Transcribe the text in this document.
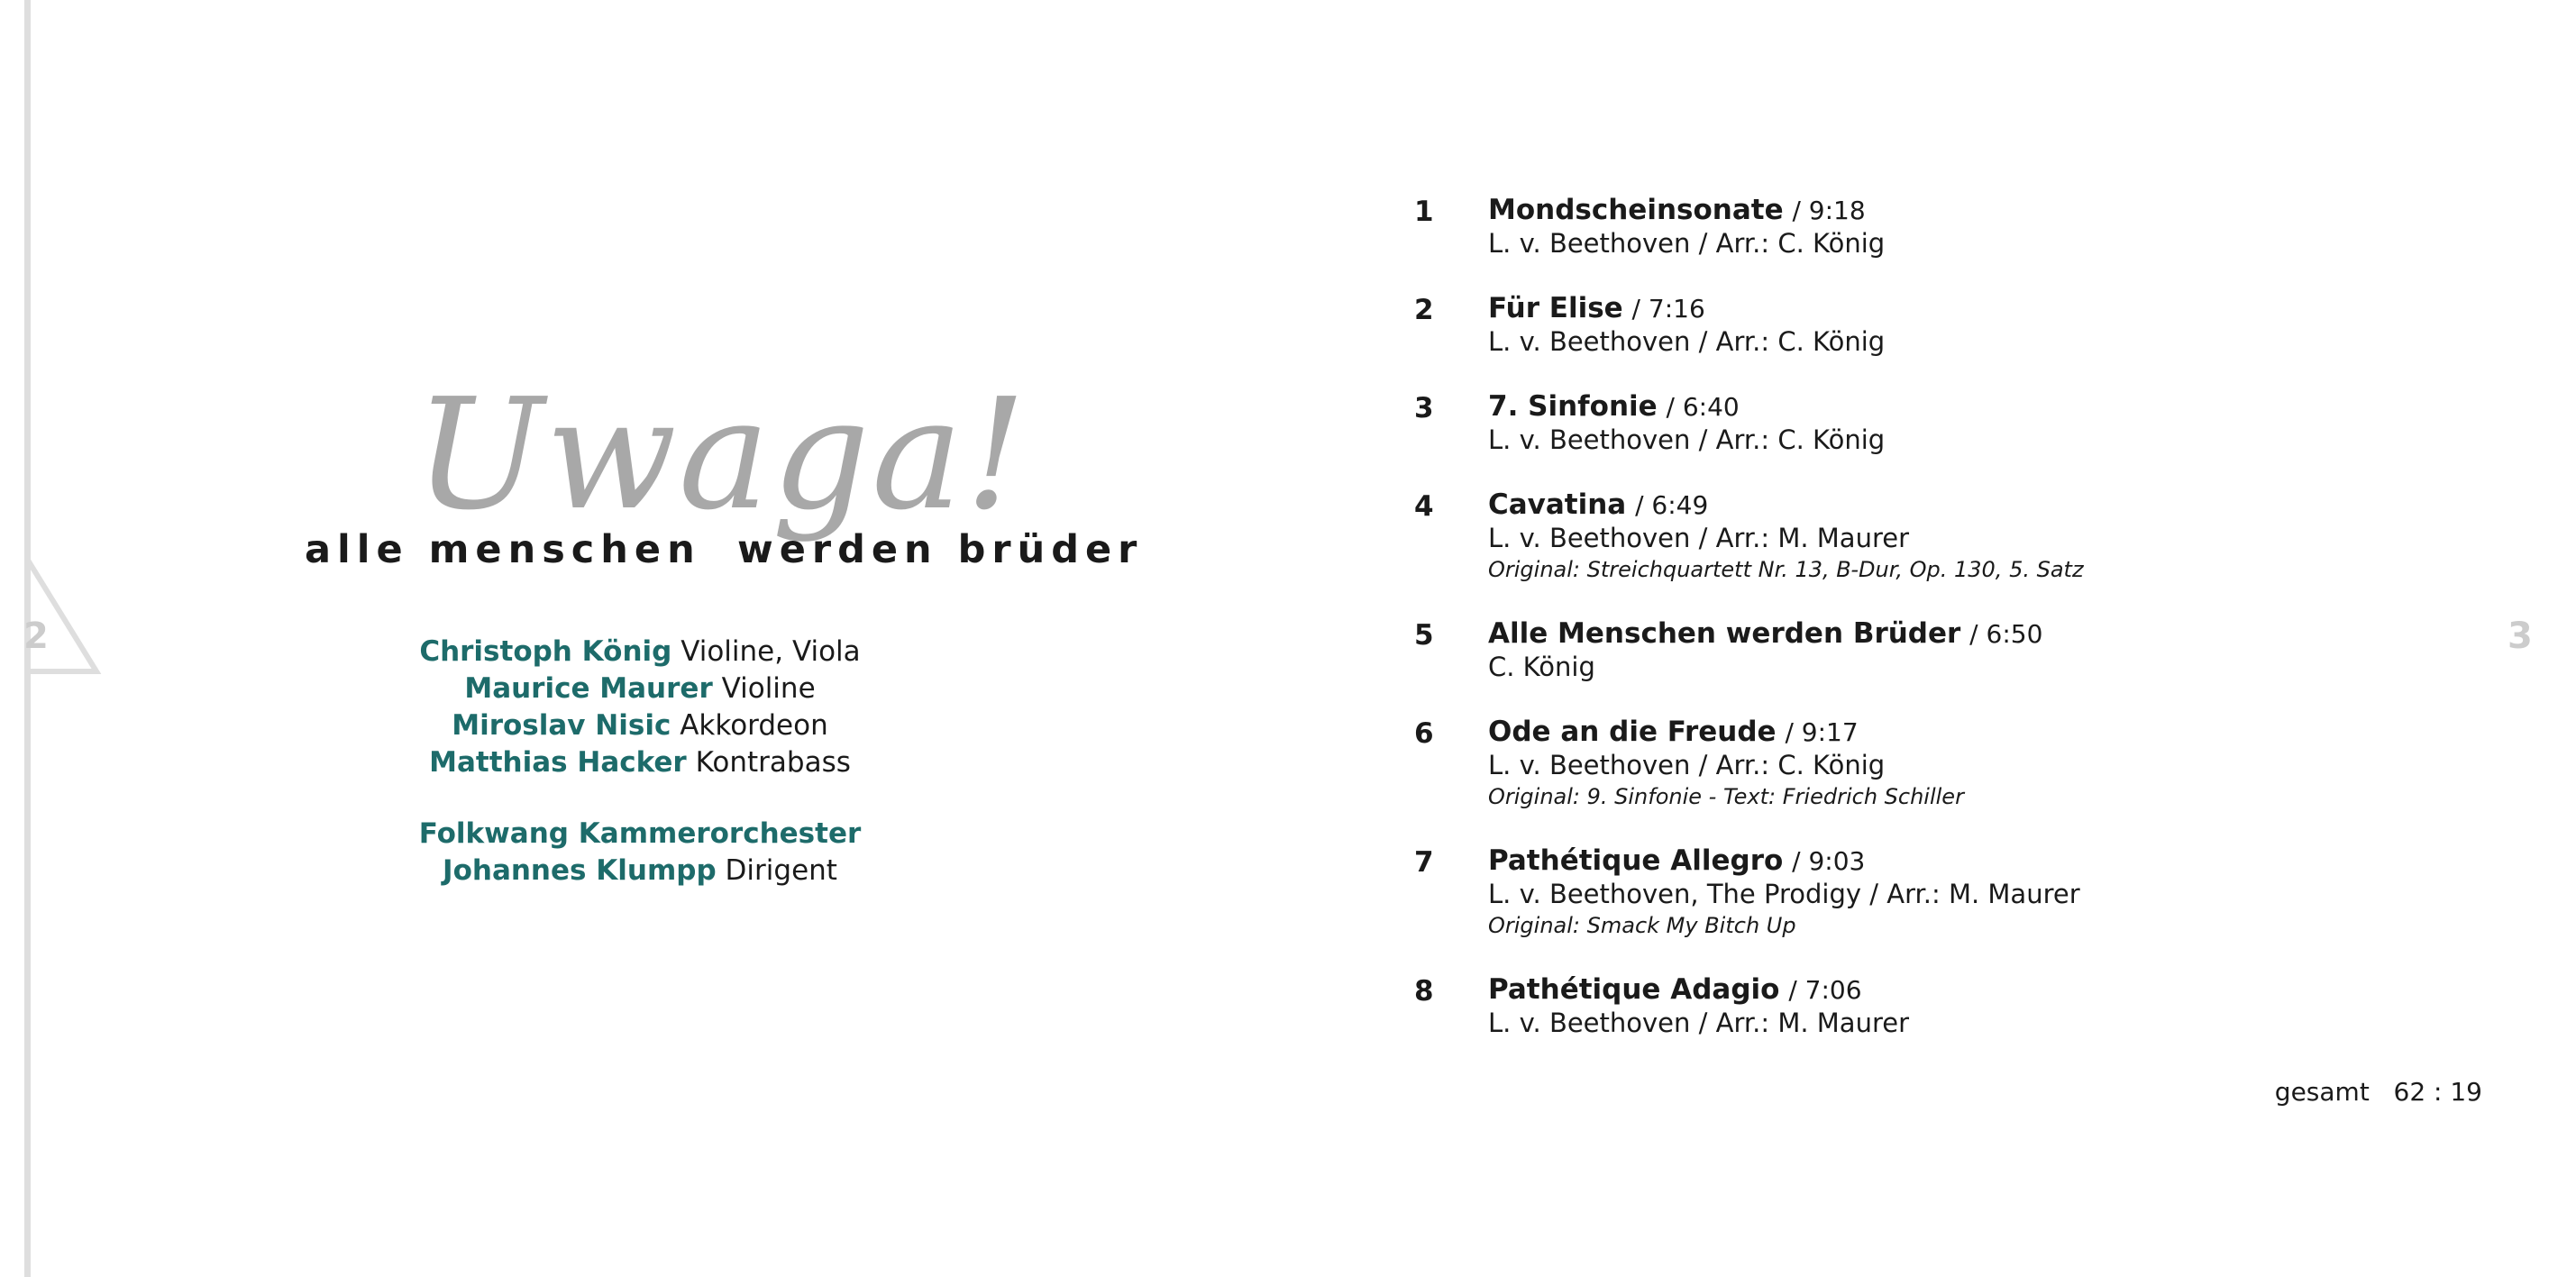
2
Uwaga!
alle menschen werden brüder
Christoph König Violine, Viola
Maurice Maurer Violine
Miroslav Nisic Akkordeon
Matthias Hacker Kontrabass
Folkwang Kammerorchester
Johannes Klumpp Dirigent
3
1 Mondscheinsonate / 9:18
L. v. Beethoven / Arr.: C. König
2 Für Elise / 7:16
L. v. Beethoven / Arr.: C. König
3 7. Sinfonie / 6:40
L. v. Beethoven / Arr.: C. König
4 Cavatina / 6:49
L. v. Beethoven / Arr.: M. Maurer
Original: Streichquartett Nr. 13, B-Dur, Op. 130, 5. Satz
5 Alle Menschen werden Brüder / 6:50
C. König
6 Ode an die Freude / 9:17
L. v. Beethoven / Arr.: C. König
Original: 9. Sinfonie - Text: Friedrich Schiller
7 Pathétique Allegro / 9:03
L. v. Beethoven, The Prodigy / Arr.: M. Maurer
Original: Smack My Bitch Up
8 Pathétique Adagio / 7:06
L. v. Beethoven / Arr.: M. Maurer
gesamt 62 : 19
